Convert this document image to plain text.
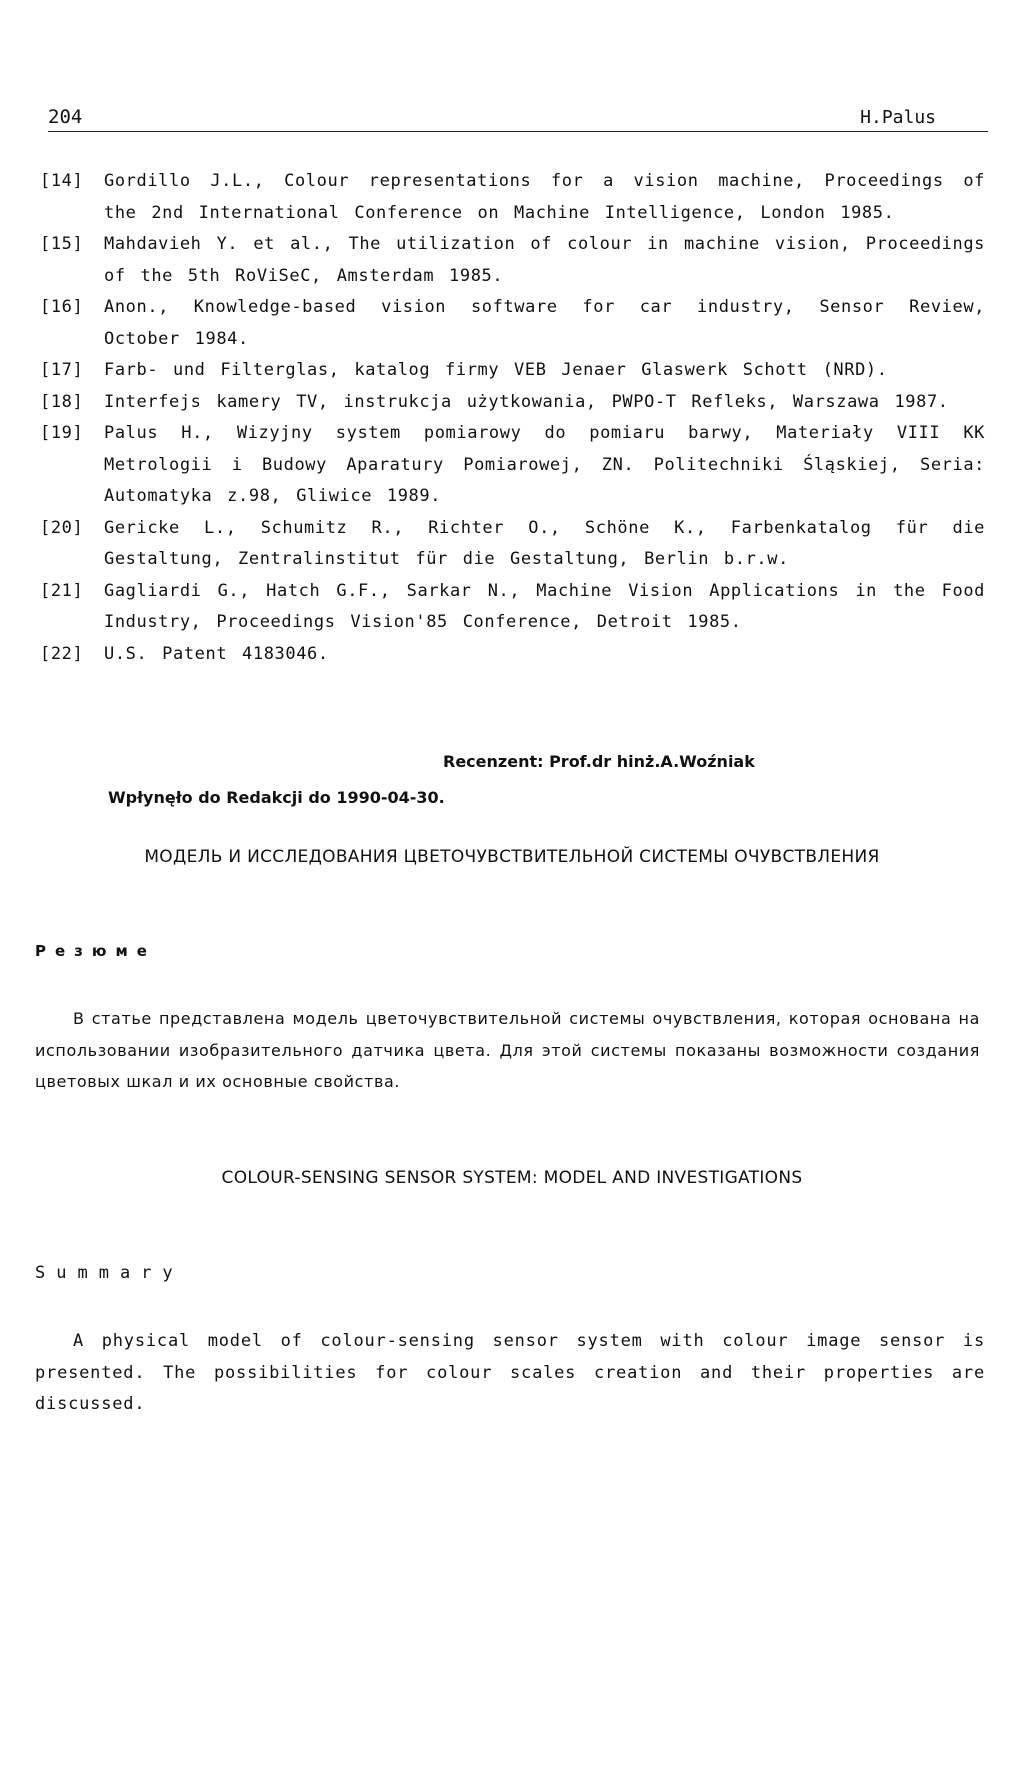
204	H.Palus
[14] Gordillo J.L., Colour representations for a vision machine, Proceedings of the 2nd International Conference on Machine Intelligence, London 1985.
[15] Mahdavieh Y. et al., The utilization of colour in machine vision, Proceedings of the 5th RoViSeC, Amsterdam 1985.
[16] Anon., Knowledge-based vision software for car industry, Sensor Review, October 1984.
[17] Farb- und Filterglas, katalog firmy VEB Jenaer Glaswerk Schott (NRD).
[18] Interfejs kamery TV, instrukcja użytkowania, PWPO-T Refleks, Warszawa 1987.
[19] Palus H., Wizyjny system pomiarowy do pomiaru barwy, Materiały VIII KK Metrologii i Budowy Aparatury Pomiarowej, ZN. Politechniki Śląskiej, Seria: Automatyka z.98, Gliwice 1989.
[20] Gericke L., Schumitz R., Richter O., Schöne K., Farbenkatalog für die Gestaltung, Zentralinstitut für die Gestaltung, Berlin b.r.w.
[21] Gagliardi G., Hatch G.F., Sarkar N., Machine Vision Applications in the Food Industry, Proceedings Vision'85 Conference, Detroit 1985.
[22] U.S. Patent 4183046.
Recenzent: Prof.dr hinż.A.Woźniak
Wpłynęło do Redakcji do 1990-04-30.
МОДЕЛЬ И ИССЛЕДОВАНИЯ ЦВЕТОЧУВСТВИТЕЛЬНОЙ СИСТЕМЫ ОЧУВСТВЛЕНИЯ
Резюме
В статье представлена модель цветочувствительной системы очувствления, которая основана на использовании изобразительного датчика цвета. Для этой системы показаны возможности создания цветовых шкал и их основные свойства.
COLOUR-SENSING SENSOR SYSTEM: MODEL AND INVESTIGATIONS
Summary
A physical model of colour-sensing sensor system with colour image sensor is presented. The possibilities for colour scales creation and their properties are discussed.
